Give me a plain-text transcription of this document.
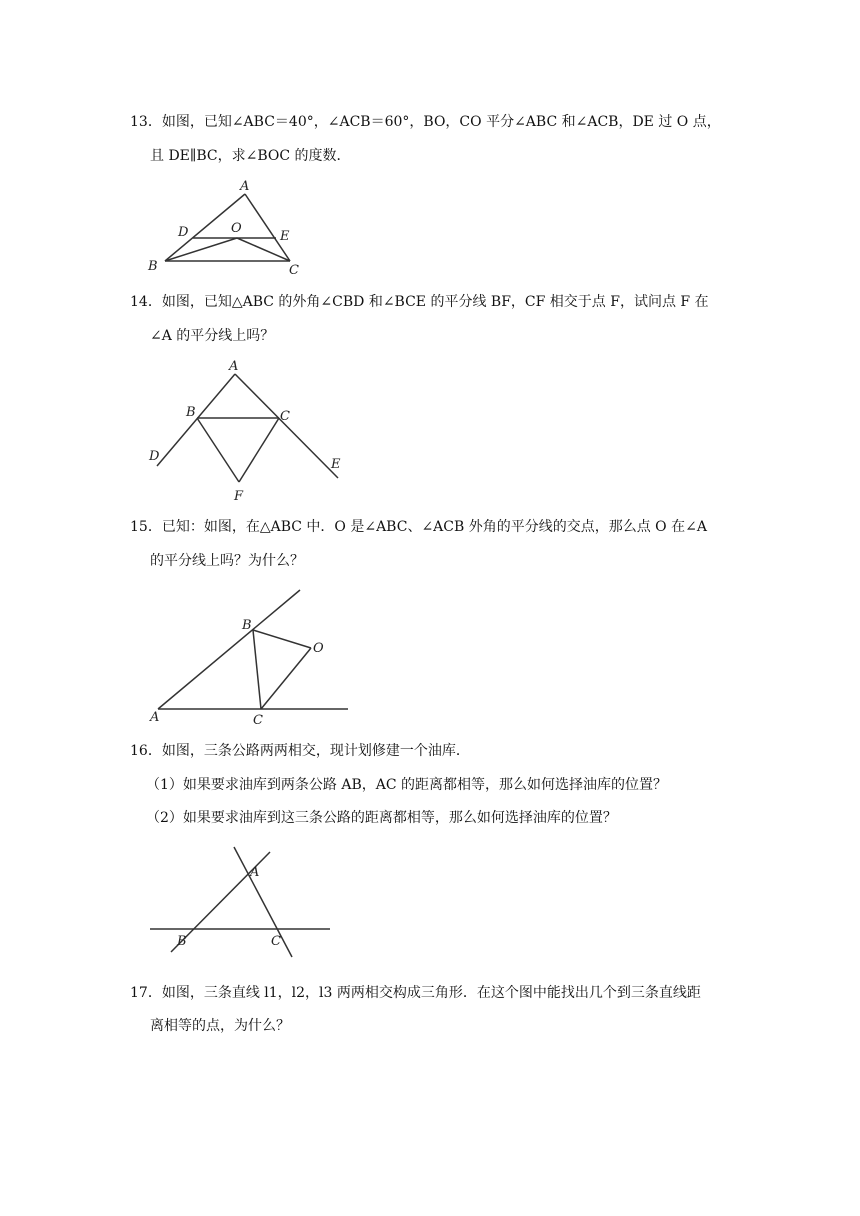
13．如图，已知∠ABC＝40°，∠ACB＝60°，BO，CO 平分∠ABC 和∠ACB，DE 过 O 点，
且 DE∥BC，求∠BOC 的度数．
A
D	O
E
B	C
14．如图，已知△ABC 的外角∠CBD 和∠BCE 的平分线 BF，CF 相交于点 F，试问点 F 在
∠A 的平分线上吗？
A
B	C
D
E
F
15．已知：如图，在△ABC 中．O 是∠ABC、∠ACB 外角的平分线的交点，那么点 O 在∠A
的平分线上吗？为什么？
A
B
C
O
16．如图，三条公路两两相交，现计划修建一个油库．
（1）如果要求油库到两条公路 AB，AC 的距离都相等，那么如何选择油库的位置？
（2）如果要求油库到这三条公路的距离都相等，那么如何选择油库的位置？
A
B	C
17．如图，三条直线 l1，l2，l3 两两相交构成三角形．在这个图中能找出几个到三条直线距
离相等的点，为什么？
